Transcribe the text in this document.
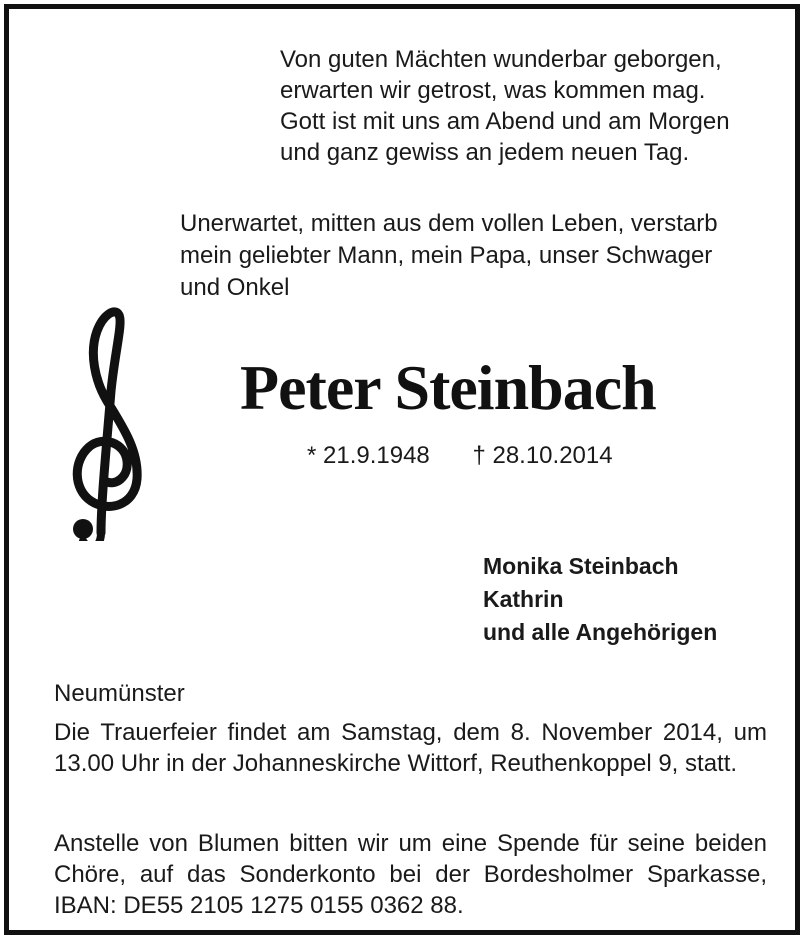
Von guten Mächten wunderbar geborgen,
erwarten wir getrost, was kommen mag.
Gott ist mit uns am Abend und am Morgen
und ganz gewiss an jedem neuen Tag.
Unerwartet, mitten aus dem vollen Leben, verstarb
mein geliebter Mann, mein Papa, unser Schwager
und Onkel
Peter Steinbach
* 21.9.1948 † 28.10.2014
Monika Steinbach
Kathrin
und alle Angehörigen
Neumünster
Die Trauerfeier findet am Samstag, dem 8. November 2014, um 13.00 Uhr in der Johanneskirche Wittorf, Reuthenkoppel 9, statt.
Anstelle von Blumen bitten wir um eine Spende für seine beiden Chöre, auf das Sonderkonto bei der Bordesholmer Sparkasse, IBAN: DE55 2105 1275 0155 0362 88.
